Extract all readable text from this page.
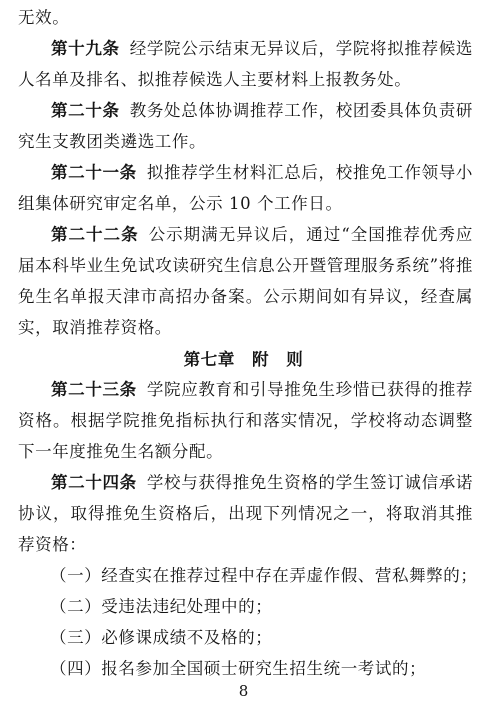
无效。

第十九条 经学院公示结束无异议后，学院将拟推荐候选人名单及排名、拟推荐候选人主要材料上报教务处。

第二十条 教务处总体协调推荐工作，校团委具体负责研究生支教团类遴选工作。

第二十一条 拟推荐学生材料汇总后，校推免工作领导小组集体研究审定名单，公示 10 个工作日。

第二十二条 公示期满无异议后，通过“全国推荐优秀应届本科毕业生免试攻读研究生信息公开暨管理服务系统”将推免生名单报天津市高招办备案。公示期间如有异议，经查属实，取消推荐资格。

第七章　附　则

第二十三条 学院应教育和引导推免生珍惜已获得的推荐资格。根据学院推免指标执行和落实情况，学校将动态调整下一年度推免生名额分配。

第二十四条 学校与获得推免生资格的学生签订诚信承诺协议，取得推免生资格后，出现下列情况之一，将取消其推荐资格：

（一）经查实在推荐过程中存在弄虚作假、营私舞弊的；
（二）受违法违纪处理中的；
（三）必修课成绩不及格的；
（四）报名参加全国硕士研究生招生统一考试的；
8
